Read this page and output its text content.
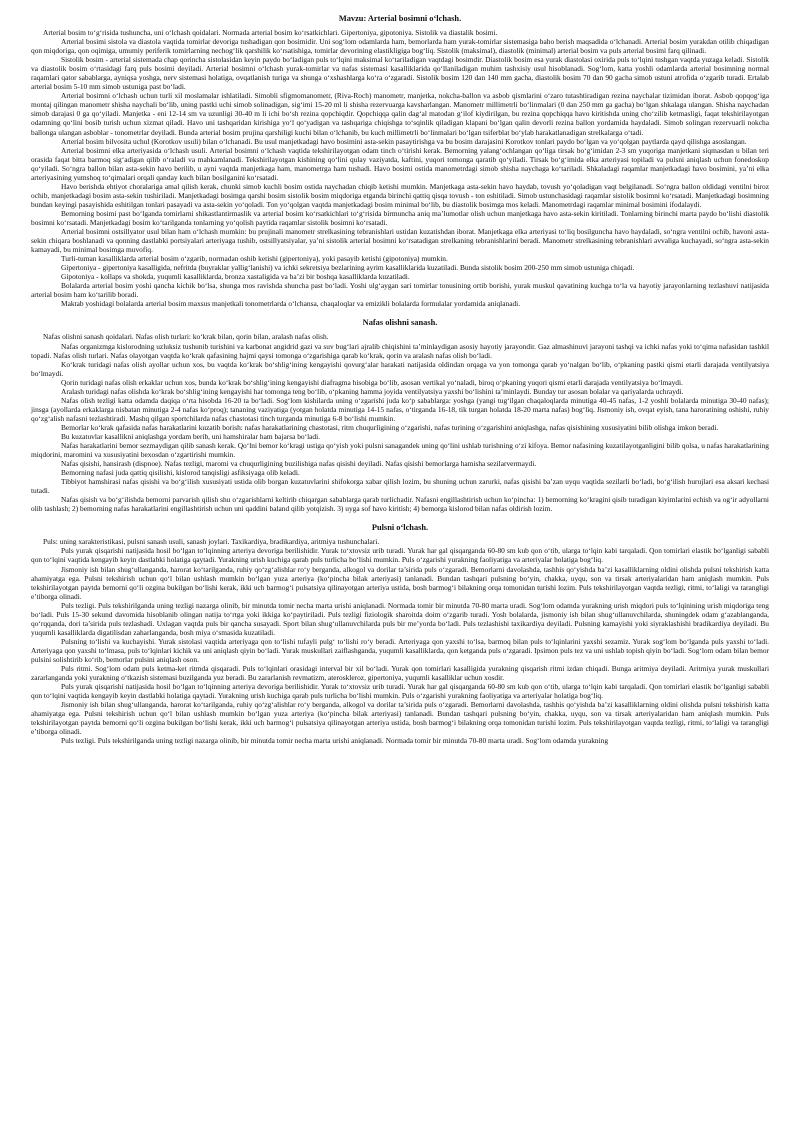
Mavzu: Arterial bosimni o‘lchash.

Arterial bosim to‘g‘risida tushuncha, uni o‘lchash qoidalari. Normada arterial bosim ko‘rsatkichlari. Gipertoniya, gipotoniya. Sistolik va diastalik bosimi.

Arterial bosimi sistola va diastola vaqtida tomirlar devoriga tushadigan qon bosimidir. Uni sog‘lom odamlarda ham, bemorlarda ham yurak-tomirlar sistemasiga baho berish maqsadida o‘lchanadi. Arterial bosim yurakdan otilib chiqadigan qon miqdoriga, qon oqimiga, umumiy periferik tomirlarning nechog‘lik qarshilik ko‘rsatishiga, tomirlar devorining elastikligiga bog‘liq. Sistolik (maksimal), diastolik (minimal) arterial bosim va puls arterial bosimi farq qilinadi.

Sistolik bosim - arterial sistemada chap qorincha sistolasidan keyin paydo bo‘ladigan puls to‘lqini maksimal ko‘tariladigan vaqtdagi bosimdir. Diastolik bosim esa yurak diastolasi oxirida puls to‘lqini tushgan vaqtda yuzaga keladi. Sistolik va diastolik bosim o‘rtasidagi farq puls bosimi deyiladi. Arterial bosimni o‘lchash yurak-tomirlar va nafas sistemasi kasalliklarida qo‘llaniladigan muhim tashxisiy usul hisoblanadi. Sog‘lom, katta yoshli odamlarda arterial bosimning normal raqamlari qator sabablarga, ayniqsa yoshga, nerv sistemasi holatiga, ovqatlanish turiga va shunga o‘xshashlarga ko‘ra o‘zgaradi. Sistolik bosim 120 dan 140 mm gacha, diastolik bosim 70 dan 90 gacha simob ustuni atrofida o‘zgarib turadi. Ertalab arterial bosim 5-10 mm simob ustuniga past bo‘ladi.

Arterial bosimni o‘lchash uchun turli xil moslamalar ishlatiladi. Simobli sfigmomanometr, (Riva-Roch) manometr, manjetka, nokcha-ballon va asbob qismlarini o‘zaro tutashtiradigan rezina naychalar tizimidan iborat. Asbob qopqog‘iga montaj qilingan manometr shisha naychali bo‘lib, uning pastki uchi simob solinadigan, sig‘imi 15-20 ml li shisha rezervuarga kavsharlangan. Manometr millimetrli bo‘linmalari (0 dan 250 mm ga gacha) bo‘lgan shkalaga ulangan. Shisha naychadan simob darajasi 0 ga qo‘yiladi. Manjetka - eni 12-14 sm va uzunligi 30-40 m li ichi bo‘sh rezina qopchiqdir. Qopchiqqa qalin dag‘al matodan g‘ilof kiydirilgan, bu rezina qopchiqqa havo kiritishda uning cho‘zilib ketmasligi, faqat tekshirilayotgan odamning qo‘lini bosib turish uchun xizmat qiladi. Havo uni tashqaridan kirishiga yo‘l qo‘yadigan va tashqariga chiqishga to‘sqinlik qiladigan klapani bo‘lgan qalin devorli rezina ballon yordamida haydaladi. Simob solingan rezervuarli nokcha ballonga ulangan asboblar - tonometrlar deyiladi. Bunda arterial bosim prujina qarshiligi kuchi bilan o‘lchanib, bu kuch millimetrli bo‘linmalari bo‘lgan tsiferblat bo‘ylab harakatlanadigan strelkalarga o‘tadi.

Arterial bosim bilvosita uchul (Korotkov usuli) bilan o‘lchanadi. Bu usul manjetkadagi havo bosimini asta-sekin pasaytirishga va bu bosim darajasini Korotkov tonlari paydo bo‘lgan va yo‘qolgan paytlarda qayd qilishga asoslangan.

Arterial bosimni elka arteriyasida o‘lchash usuli. Arterial bosimni o‘lchash vaqtida tekshirilayotgan odam tinch o‘tirishi kerak. Bemorning yalang‘ochlangan qo‘liga tirsak bo‘g‘imidan 2-3 sm yuqoriga manjetkani siqmasdan u bilan teri orasida faqat bitta barmoq sig‘adigan qilib o‘raladi va mahkamlanadi. Tekshirilayotgan kishining qo‘lini qulay vaziyatda, kaftini, yuqori tomonga qaratib qo‘yiladi. Tirsak bo‘g‘imida elka arteriyasi topiladi va pulsni aniqlash uchun fonedoskop qo‘yiladi. So‘ngra ballon bilan asta-sekin havo berilib, u ayni vaqtda manjetkaga ham, manometrga ham tushadi. Havo bosimi ostida manometrdagi simob shisha naychaga ko‘tariladi. Shkaladagi raqamlar manjetkadagi havo bosimini, ya’ni elka arteriyasining yumshoq to‘qimalari orqali qanday kuch bilan bosilganini ko‘rsatadi.

Havo berishda ehtiyot choralariga amal qilish kerak, chunki simob kuchli bosim ostida naychadan chiqib ketishi mumkin. Manjetkaga asta-sekin havo haydab, tovush yo‘qoladigan vaqt belgilanadi. So‘ngra ballon oldidagi ventilni biroz ochib, manjetkadagi bosim asta-sekin tushiriladi. Manjetkadagi bosimga qarshi bosim sistolik bosim miqdoriga etganda birinchi qattiq qisqa tovush - ton eshitiladi. Simob ustunchasidagi raqamlar sistolik bosimni ko‘rsatadi. Manjetkadagi bosimning bundan keyingi pasayishida eshitilgan tonlari pasayadi va asta-sekin yo‘qoladi. Ton yo‘qolgan vaqtda manjetkadagi bosim minimal bo‘lib, bu diastolik bosimga mos keladi. Manometrdagi raqamlar minimal bosimini ifodalaydi.

Bemorning bosimi past bo‘lganda tomirlarni shikastlantirmaslik va arterial bosim ko‘rsatkichlari to‘g‘risida birmuncha aniq ma’lumotlar olish uchun manjetkaga havo asta-sekin kiritiladi. Tonlarning birinchi marta paydo bo‘lishi diastolik bosimni ko‘rsatadi. Manjetkadagi bosim ko‘tarilganda tonlarning yo‘qolish paytida raqamlar sistolik bosimni ko‘rsatadi.

Arterial bosimni ostsillyator usul bilan ham o‘lchash mumkin: bu prujinali manometr strelkasining tebranishlari ustidan kuzatishdan iborat. Manjetkaga elka arteriyasi to‘liq bosilguncha havo haydaladi, so‘ngra ventilni ochib, havoni asta-sekin chiqara boshlanadi va qonning dastlabki portsiyalari arteriyaga tushib, ostsillyatsiyalar, ya’ni sistolik arterial bosimni ko‘rsatadigan strelkaning tebranishlarini beradi. Manometr strelkasining tebranishlari avvaliga kuchayadi, so‘ngra asta-sekin kamayadi, bu minimal bosimga muvofiq.

Turli-tuman kasalliklarda arterial bosim o‘zgarib, normadan oshib ketishi (gipertoniya), yoki pasayib ketishi (gipotoniya) mumkin.

Gipertoniya - gipertoniya kasalligida, nefritda (buyraklar yallig‘lanishi) va ichki sekretsiya bezlarining ayrim kasalliklarida kuzatiladi. Bunda sistolik bosim 200-250 mm simob ustuniga chiqadi.

Gipotoniya - kollaps va shokda, yuqumli kasalliklarda, bronza xastaligida va ba’zi bir boshqa kasalliklarda kuzatiladi.

Bolalarda arterial bosim yoshi qancha kichik bo‘lsa, shunga mos ravishda shuncha past bo‘ladi. Yoshi ulg‘aygan sari tomirlar tonusining ortib borishi, yurak muskul qavatining kuchga to‘la va hayotiy jarayonlarning tezlashuvi natijasida arterial bosim ham ko‘tarilib boradi.

Maktab yoshidagi bolalarda arterial bosim maxsus manjetkali tonometrlarda o‘lchansa, chaqaloqlar va emizikli bolalarda formulalar yordamida aniqlanadi.

Nafas olishni sanash.

Nafas olishni sanash qoidalari. Nafas olish turlari: ko‘krak bilan, qorin bilan, aralash nafas olish.

Nafas organizmga kislorodning uzluksiz tushunib turishini va karbonat angidrid gazi va suv bug‘lari ajralib chiqishini ta’minlaydigan asosiy hayotiy jarayondir. Gaz almashinuvi jarayoni tashqi va ichki nafas yoki to‘qima nafasidan tashkil topadi. Nafas olish turlari. Nafas olayotgan vaqtda ko‘krak qafasining hajmi qaysi tomonga o‘zgarishiga qarab ko‘krak, qorin va aralash nafas olish bo‘ladi.

Ko‘krak turidagi nafas olish ayollar uchun xos, bu vaqtda ko‘krak bo‘shlig‘ining kengayishi qovurg‘alar harakati natijasida oldindan orqaga va yon tomonga qarab yo‘nalgan bo‘lib, o‘pkaning pastki qismi etarli darajada ventilyatsiya bo‘lmaydi.

Qorin turidagi nafas olish erkaklar uchun xos, bunda ko‘krak bo‘shlig‘ining kengayishi diafragma hisobiga bo‘lib, asosan vertikal yo‘naladi, biroq o‘pkaning yuqori qismi etarli darajada ventilyatsiya bo‘lmaydi.

Aralash turidagi nafas olishda ko‘krak bo‘shlig‘ining kengayishi har tomonga teng bo‘lib, o‘pkaning hamma joyida ventilyatsiya yaxshi bo‘lishini ta’minlaydi. Bunday tur asosan bolalar va qariyalarda uchraydi.

Nafas olish tezligi katta odamda daqiqa o‘rta hisobda 16-20 ta bo‘ladi. Sog‘lom kishilarda uning o‘zgarishi juda ko‘p sabablarga: yoshga (yangi tug‘ilgan chaqaloqlarda minutiga 40-45 nafas, 1-2 yoshli bolalarda minutiga 30-40 nafas); jinsga (ayollarda erkaklarga nisbatan minutiga 2-4 nafas ko‘proq); tananing vaziyatiga (yotgan holatda minutiga 14-15 nafas, o‘tirganda 16-18, tik turgan holatda 18-20 marta nafas) bog‘liq. Jismoniy ish, ovqat eyish, tana haroratining oshishi, ruhiy qo‘zg‘alish nafasni tezlashtiradi. Mashq qilgan sportchilarda nafas chastotasi tinch turganda minutiga 6-8 bo‘lishi mumkin.

Bemorlar ko‘krak qafasida nafas harakatlarini kuzatib borish: nafas harakatlarining chastotasi, ritm chuqurligining o‘zgarishi, nafas turining o‘zgarishini aniqlashga, nafas qisishining xususiyatini bilib olishga imkon beradi.

Bu kuzatuvlar kasallikni aniqlashga yordam berib, uni hamshiralar ham bajarsa bo‘ladi.

Nafas harakatlarini bemor sezmaydigan qilib sanash kerak. Qo‘lni bemor ko‘kragi ustiga qo‘yish yoki pulsni sanagandek uning qo‘lini ushlab turishning o‘zi kifoya. Bemor nafasining kuzatilayotganligini bilib qolsa, u nafas harakatlarining miqdorini, maromini va xususiyatini bexosdan o‘zgartirishi mumkin.

Nafas qisishi, hansirash (dispnoe). Nafas tezligi, maromi va chuqurligining buzilishiga nafas qisishi deyiladi. Nafas qisishi bemorlarga hamisha sezilarvermaydi.

Bemorning nafasi juda qattiq qisilishi, kislorod tanqisligi asfiksiyaga olib keladi.

Tibbiyot hamshirasi nafas qisishi va bo‘g‘ilish xususiyati ustida olib borgan kuzatuvlarini shifokorga xabar qilish lozim, bu shuning uchun zarurki, nafas qisishi ba’zan uyqu vaqtida sezilarli bo‘ladi, bo‘g‘ilish hurujlari esa aksari kechasi tutadi.

Nafas qisish va bo‘g‘ilishda bemorni parvarish qilish shu o‘zgarishlarni keltirib chiqargan sabablarga qarab turlichadir. Nafasni engillashtirish uchun ko‘pincha: 1) bemorning ko‘kragini qisib turadigan kiyimlarini echish va og‘ir adyollarni olib tashlash; 2) bemorning nafas harakatlarini engillashtirish uchun uni qaddini baland qilib yotqizish. 3) uyga sof havo kiritish; 4) bemorga kislorod bilan nafas oldirish lozim.

Pulsni o‘lchash.

Puls: uning xarakteristikasi, pulsni sanash usuli, sanash joylari. Taxikardiya, bradikardiya, aritmiya tushunchalari.

Puls yurak qisqarishi natijasida hosil bo‘lgan to‘lqinning arteriya devoriga berilishidir. Yurak to‘xtovsiz urib turadi. Yurak har gal qisqarganda 60-80 sm kub qon o‘tib, ularga to‘lqin kabi tarqaladi. Qon tomirlari elastik bo‘lganligi sababli qon to‘lqini vaqtida kengayib keyin dastlabki holatiga qaytadi. Yurakning urish kuchiga qarab puls turlicha bo‘lishi mumkin. Puls o‘zgarishi yurakning faoliyatiga va arteriyalar holatiga bog‘liq.

Jismoniy ish bilan shug‘ullanganda, harorat ko‘tarilganda, ruhiy qo‘zg‘alishlar ro‘y berganda, alkogol va dorilar ta’sirida puls o‘zgaradi. Bemorlarni davolashda, tashhis qo‘yishda ba’zi kasalliklarning oldini olishda pulsni tekshirish katta ahamiyatga ega. Pulsni tekshirish uchun qo‘l bilan ushlash mumkin bo‘lgan yuza arteriya (ko‘pincha bilak arteriyasi) tanlanadi. Bundan tashqari pulsning bo‘yin, chakka, uyqu, son va tirsak arteriyalaridan ham aniqlash mumkin. Puls tekshirilayotgan paytda bemorni qo‘li ozgina bukilgan bo‘lishi kerak, ikki uch barmog‘i pulsatsiya qilinayotgan arteriya ustida, bosh barmog‘i bilakning orqa tomonidan turishi lozim. Puls tekshirilayotgan vaqtda tezligi, ritmi, to‘laligi va tarangligi e’tiborga olinadi.

Puls tezligi. Puls tekshirilganda uning tezligi nazarga olinib, bir minutda tomir necha marta urishi aniqlanadi. Normada tomir bir minutda 70-80 marta uradi. Sog‘lom odamda yurakning urish miqdori puls to‘lqinining urish miqdoriga teng bo‘ladi. Puls 15-30 sekund davomida hisoblanib olingan natija to‘rtga yoki ikkiga ko‘paytiriladi. Puls tezligi fiziologik sharoitda doim o‘zgarib turadi. Yosh bolalarda, jismoniy ish bilan shug‘ullanuvchilarda, shuningdek odam g‘azablanganda, qo‘rqqanda, dori ta’sirida puls tezlashadi. Uxlagan vaqtda puls bir qancha susayadi. Sport bilan shug‘ullanuvchilarda puls bir me’yorda bo‘ladi. Puls tezlashishi taxikardiya deyiladi. Pulsning kamayishi yoki siyraklashishi bradikardiya deyiladi. Bu yuqumli kasalliklarda digatilisdan zaharlanganda, bosh miya o‘smasida kuzatiladi.

Pulsning to‘lishi va kuchayishi. Yurak sistolasi vaqtida arteriyaga qon to‘lishi tufayli pulg‘ to‘lishi ro‘y beradi. Arteriyaga qon yaxshi to‘lsa, barmoq bilan puls to‘lqinlarini yaxshi sezamiz. Yurak sog‘lom bo‘lganda puls yaxshi to‘ladi. Arteriyaga qon yaxshi to‘lmasa, puls to‘lqinlari kichik va uni aniqlash qiyin bo‘ladi. Yurak muskullari zaiflashganda, yuqumli kasalliklarda, qon ketganda puls o‘zgaradi. Ipsimon puls tez va uni ushlab topish qiyin bo‘ladi. Sog‘lom odam bilan bemor pulsini solishtirib ko‘rib, bemorlar pulsini aniqlash oson.

Puls ritmi. Sog‘lom odam puls ketma-ket ritmda qisqaradi. Puls to‘lqinlari orasidagi interval bir xil bo‘ladi. Yurak qon tomirlari kasalligida yurakning qisqarish ritmi izdan chiqadi. Bunga aritmiya deyiladi. Aritmiya yurak muskullari zararlanganda yoki yurakning o‘tkazish sistemasi buzilganda yuz beradi. Bu zararlanish revmatizm, ateroskleroz, gipertoniya, yuqumli kasalliklar uchun xosdir.

Puls yurak qisqarishi natijasida hosil bo‘lgan to‘lqinning arteriya devoriga berilishidir. Yurak to‘xtovsiz urib turadi. Yurak har gal qisqarganda 60-80 sm kub qon o‘tib, ularga to‘lqin kabi tarqaladi. Qon tomirlari elastik bo‘lganligi sababli qon to‘lqini vaqtida kengayib keyin dastlabki holatiga qaytadi. Yurakning urish kuchiga qarab puls turlicha bo‘lishi mumkin. Puls o‘zgarishi yurakning faoliyatiga va arteriyalar holatiga bog‘liq.

Jismoniy ish bilan shug‘ullanganda, harorat ko‘tarilganda, ruhiy qo‘zg‘alishlar ro‘y berganda, alkogol va dorilar ta’sirida puls o‘zgaradi. Bemorlarni davolashda, tashhis qo‘yishda ba’zi kasalliklarning oldini olishda pulsni tekshirish katta ahamiyatga ega. Pulsni tekshirish uchun qo‘l bilan ushlash mumkin bo‘lgan yuza arteriya (ko‘pincha bilak arteriyasi) tanlanadi. Bundan tashqari pulsning bo‘yin, chakka, uyqu, son va tirsak arteriyalaridan ham aniqlash mumkin. Puls tekshirilayotgan paytda bemorni qo‘li ozgina bukilgan bo‘lishi kerak, ikki uch barmog‘i pulsatsiya qilinayotgan arteriya ustida, bosh barmog‘i bilakning orqa tomonidan turishi lozim. Puls tekshirilayotgan vaqtda tezligi, ritmi, to‘laligi va tarangligi e’tiborga olinadi.

Puls tezligi. Puls tekshirilganda uning tezligi nazarga olinib, bir minutda tomir necha marta urishi aniqlanadi. Normada tomir bir minutda 70-80 marta uradi. Sog‘lom odamda yurakning
